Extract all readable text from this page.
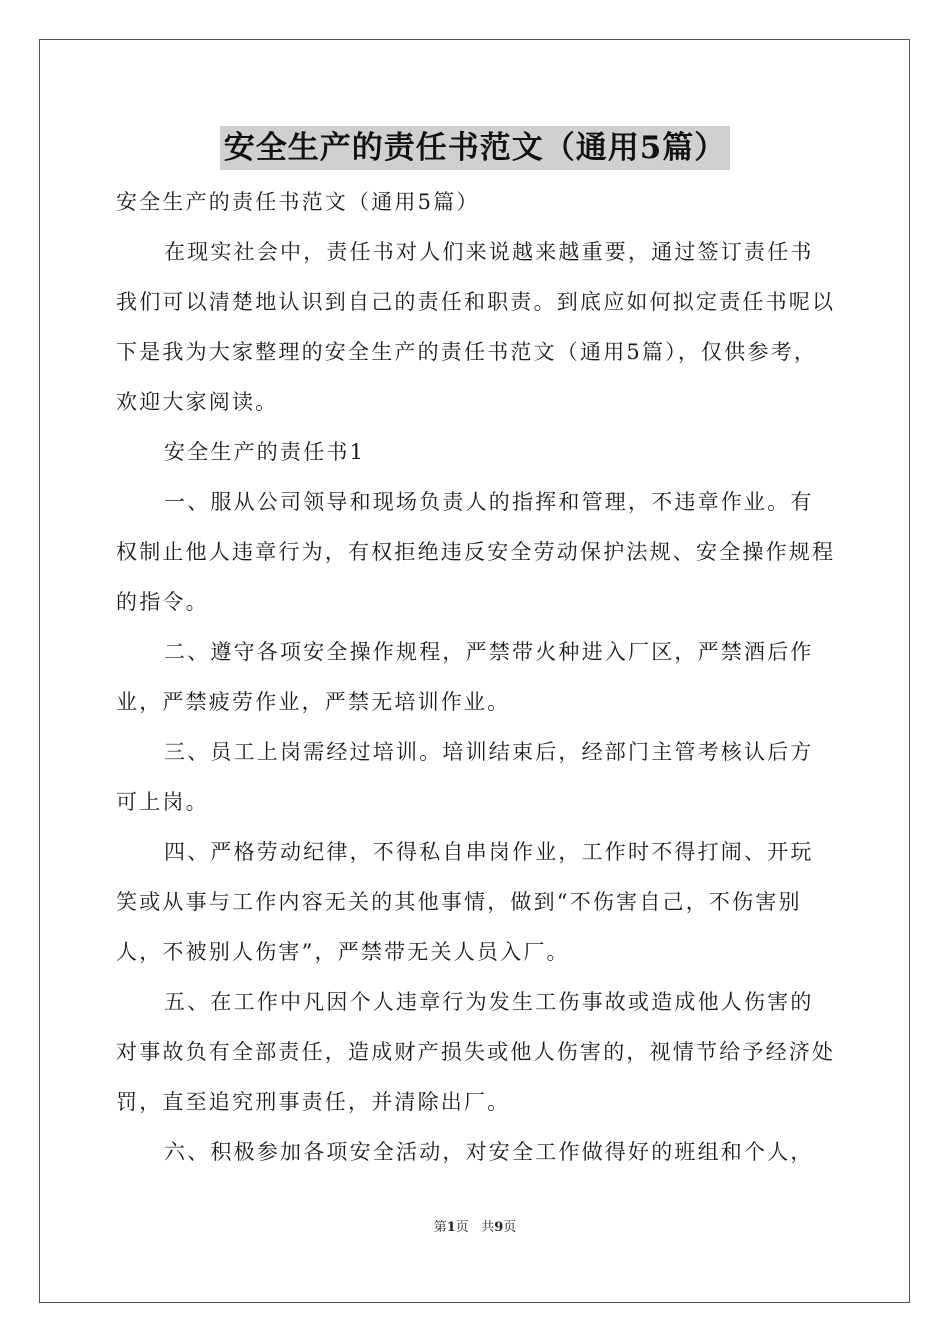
安全生产的责任书范文（通用5篇）

安全生产的责任书范文（通用5篇）

在现实社会中，责任书对人们来说越来越重要，通过签订责任书我们可以清楚地认识到自己的责任和职责。到底应如何拟定责任书呢以下是我为大家整理的安全生产的责任书范文（通用5篇），仅供参考，欢迎大家阅读。

安全生产的责任书1

一、服从公司领导和现场负责人的指挥和管理，不违章作业。有权制止他人违章行为，有权拒绝违反安全劳动保护法规、安全操作规程的指令。

二、遵守各项安全操作规程，严禁带火种进入厂区，严禁酒后作业，严禁疲劳作业，严禁无培训作业。

三、员工上岗需经过培训。培训结束后，经部门主管考核认后方可上岗。

四、严格劳动纪律，不得私自串岗作业，工作时不得打闹、开玩笑或从事与工作内容无关的其他事情，做到“不伤害自己，不伤害别人，不被别人伤害”，严禁带无关人员入厂。

五、在工作中凡因个人违章行为发生工伤事故或造成他人伤害的对事故负有全部责任，造成财产损失或他人伤害的，视情节给予经济处罚，直至追究刑事责任，并清除出厂。

六、积极参加各项安全活动，对安全工作做得好的班组和个人，

第1页 共9页
